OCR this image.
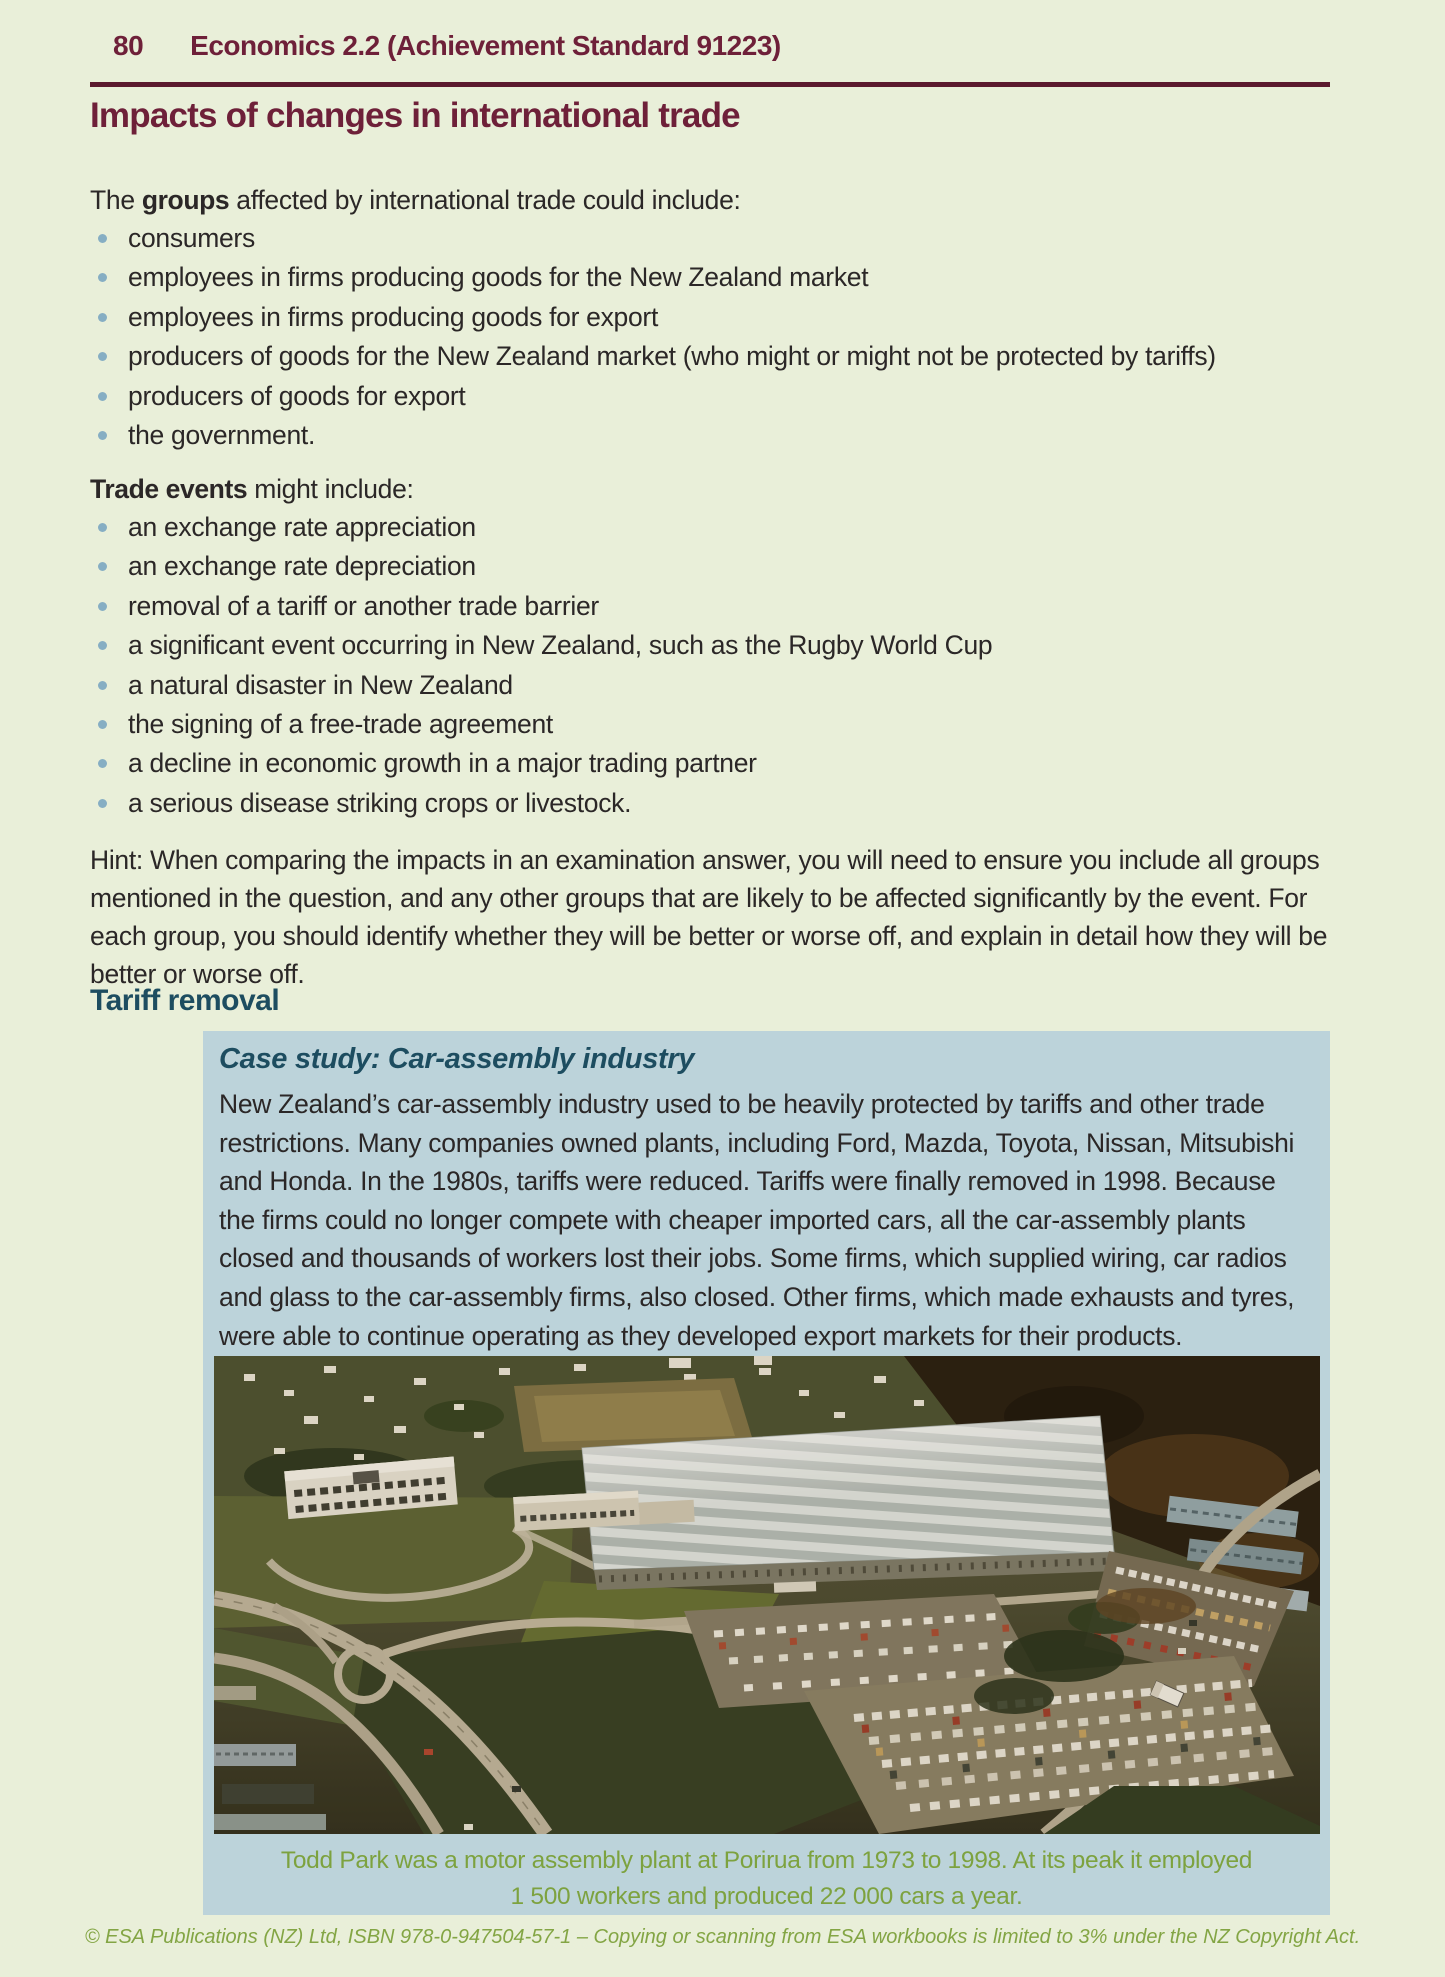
80 Economics 2.2 (Achievement Standard 91223)
Impacts of changes in international trade
The groups affected by international trade could include:
consumers
employees in firms producing goods for the New Zealand market
employees in firms producing goods for export
producers of goods for the New Zealand market (who might or might not be protected by tariffs)
producers of goods for export
the government.
Trade events might include:
an exchange rate appreciation
an exchange rate depreciation
removal of a tariff or another trade barrier
a significant event occurring in New Zealand, such as the Rugby World Cup
a natural disaster in New Zealand
the signing of a free-trade agreement
a decline in economic growth in a major trading partner
a serious disease striking crops or livestock.
Hint: When comparing the impacts in an examination answer, you will need to ensure you include all groups mentioned in the question, and any other groups that are likely to be affected significantly by the event. For each group, you should identify whether they will be better or worse off, and explain in detail how they will be better or worse off.
Tariff removal
Case study: Car-assembly industry
New Zealand’s car-assembly industry used to be heavily protected by tariffs and other trade restrictions. Many companies owned plants, including Ford, Mazda, Toyota, Nissan, Mitsubishi and Honda. In the 1980s, tariffs were reduced. Tariffs were finally removed in 1998. Because the firms could no longer compete with cheaper imported cars, all the car-assembly plants closed and thousands of workers lost their jobs. Some firms, which supplied wiring, car radios and glass to the car-assembly firms, also closed. Other firms, which made exhausts and tyres, were able to continue operating as they developed export markets for their products.
Todd Park was a motor assembly plant at Porirua from 1973 to 1998. At its peak it employed
1 500 workers and produced 22 000 cars a year.
© ESA Publications (NZ) Ltd, ISBN 978-0-947504-57-1 – Copying or scanning from ESA workbooks is limited to 3% under the NZ Copyright Act.
